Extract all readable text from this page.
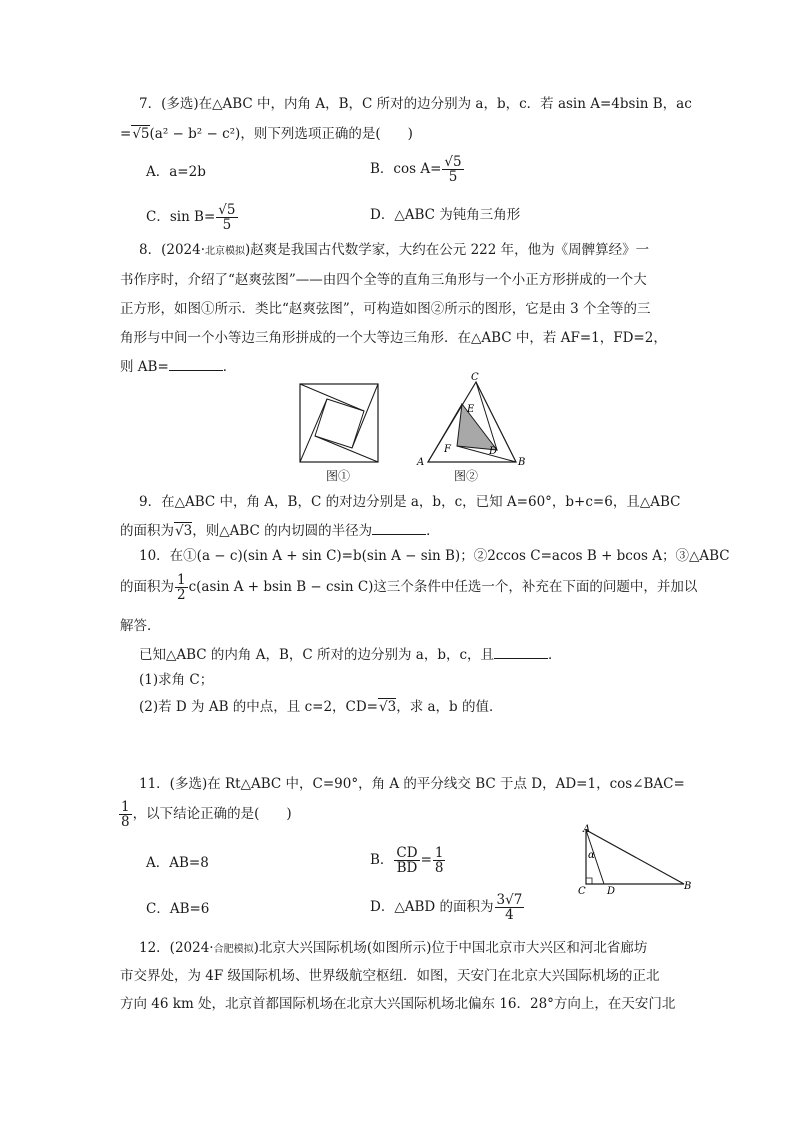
7．(多选)在△ABC 中，内角 A，B，C 所对的边分别为 a，b，c．若 asin A=4bsin B，ac
=√5(a² − b² − c²)，则下列选项正确的是(　　)
A．a=2b	B．$\cos A= \frac{√5}{5}$
C．$\sin B= \frac{√5}{5}$	D．△ABC 为钝角三角形
8．(2024·北京模拟)赵爽是我国古代数学家，大约在公元 222 年，他为《周髀算经》一
书作序时，介绍了“赵爽弦图”——由四个全等的直角三角形与一个小正方形拼成的一个大
正方形，如图①所示．类比“赵爽弦图”，可构造如图②所示的图形，它是由 3 个全等的三
角形与中间一个小等边三角形拼成的一个大等边三角形．在△ABC 中，若 AF=1，FD=2，
则 AB=	．
图①
C
E
F	D
A	B
图②
9．在△ABC 中，角 A，B，C 的对边分别是 a，b，c，已知 A=60°，b+c=6，且△ABC
的面积为√3，则△ABC 的内切圆的半径为	．
10．在①(a − c)(sin A + sin C)=b(sin A − sin B)；②2ccos C=acos B + bcos A；③△ABC
的面积为 $\frac{1}{2} c(asin$ A + bsin B − csin C)这三个条件中任选一个，补充在下面的问题中，并加以
解答．
已知△ABC 的内角 A，B，C 所对的边分别为 a，b，c，且	．
(1)求角 C；
(2)若 D 为 AB 的中点，且 c=2，CD=√3，求 a，b 的值．
11．(多选)在 Rt△ABC 中，C=90°，角 A 的平分线交 BC 于点 D，AD=1，cos∠BAC=
$\frac{1}{8}$ ，以下结论正确的是(　　)
A．AB=8	B． $\frac{CD}{BD} = \frac{1}{8}$
C．AB=6	D．△ABD 的面积为 $\frac{3√7}{4}$
A
α
C D	B
12．(2024·合肥模拟)北京大兴国际机场(如图所示)位于中国北京市大兴区和河北省廊坊
市交界处，为 4F 级国际机场、世界级航空枢纽．如图，天安门在北京大兴国际机场的正北
方向 46 km 处，北京首都国际机场在北京大兴国际机场北偏东 16．28°方向上，在天安门北
